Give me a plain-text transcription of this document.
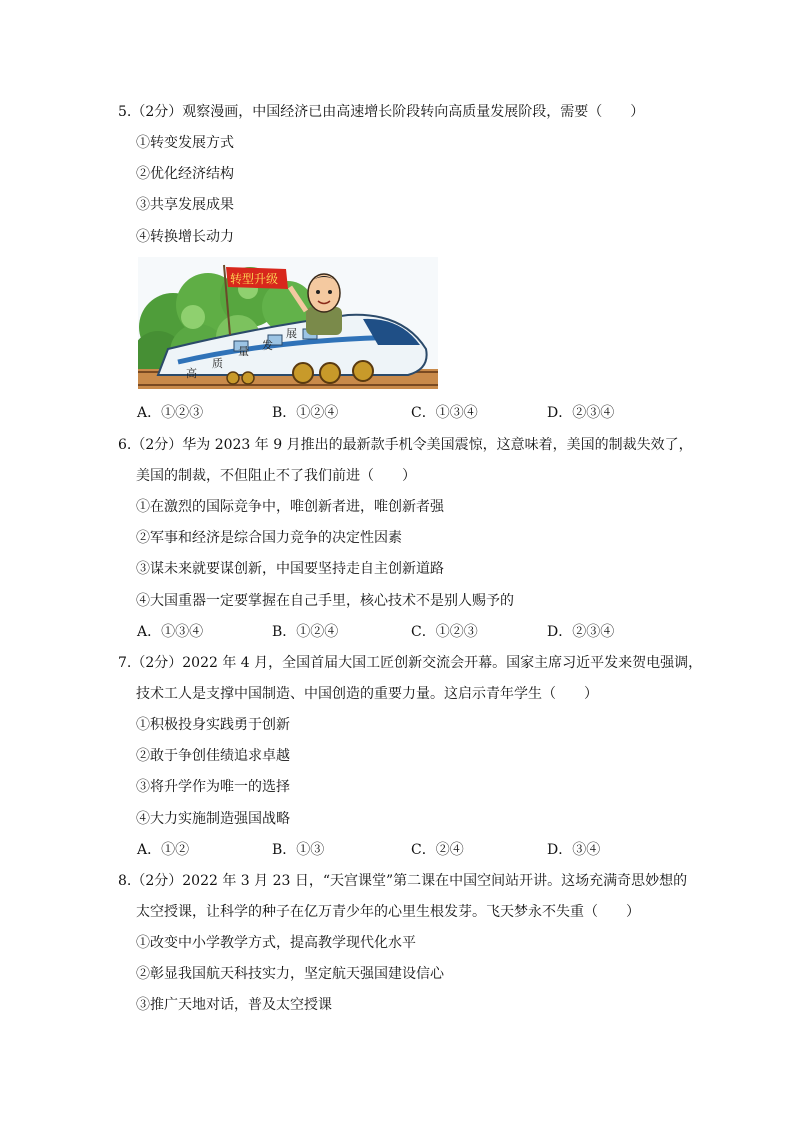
5.（2分）观察漫画，中国经济已由高速增长阶段转向高质量发展阶段，需要（　　）
①转变发展方式
②优化经济结构
③共享发展成果
④转换增长动力
转型升级
高
质
量 发
展
A．①②③	B．①②④	C．①③④	D．②③④
6.（2分）华为 2023 年 9 月推出的最新款手机令美国震惊，这意味着，美国的制裁失效了，
美国的制裁，不但阻止不了我们前进（　　）
①在激烈的国际竞争中，唯创新者进，唯创新者强
②军事和经济是综合国力竞争的决定性因素
③谋未来就要谋创新，中国要坚持走自主创新道路
④大国重器一定要掌握在自己手里，核心技术不是别人赐予的
A．①③④	B．①②④	C．①②③	D．②③④
7.（2分）2022 年 4 月，全国首届大国工匠创新交流会开幕。国家主席习近平发来贺电强调，
技术工人是支撑中国制造、中国创造的重要力量。这启示青年学生（　　）
①积极投身实践勇于创新
②敢于争创佳绩追求卓越
③将升学作为唯一的选择
④大力实施制造强国战略
A．①②	B．①③	C．②④	D．③④
8.（2分）2022 年 3 月 23 日，“天宫课堂”第二课在中国空间站开讲。这场充满奇思妙想的
太空授课，让科学的种子在亿万青少年的心里生根发芽。飞天梦永不失重（　　）
①改变中小学教学方式，提高教学现代化水平
②彰显我国航天科技实力，坚定航天强国建设信心
③推广天地对话，普及太空授课
